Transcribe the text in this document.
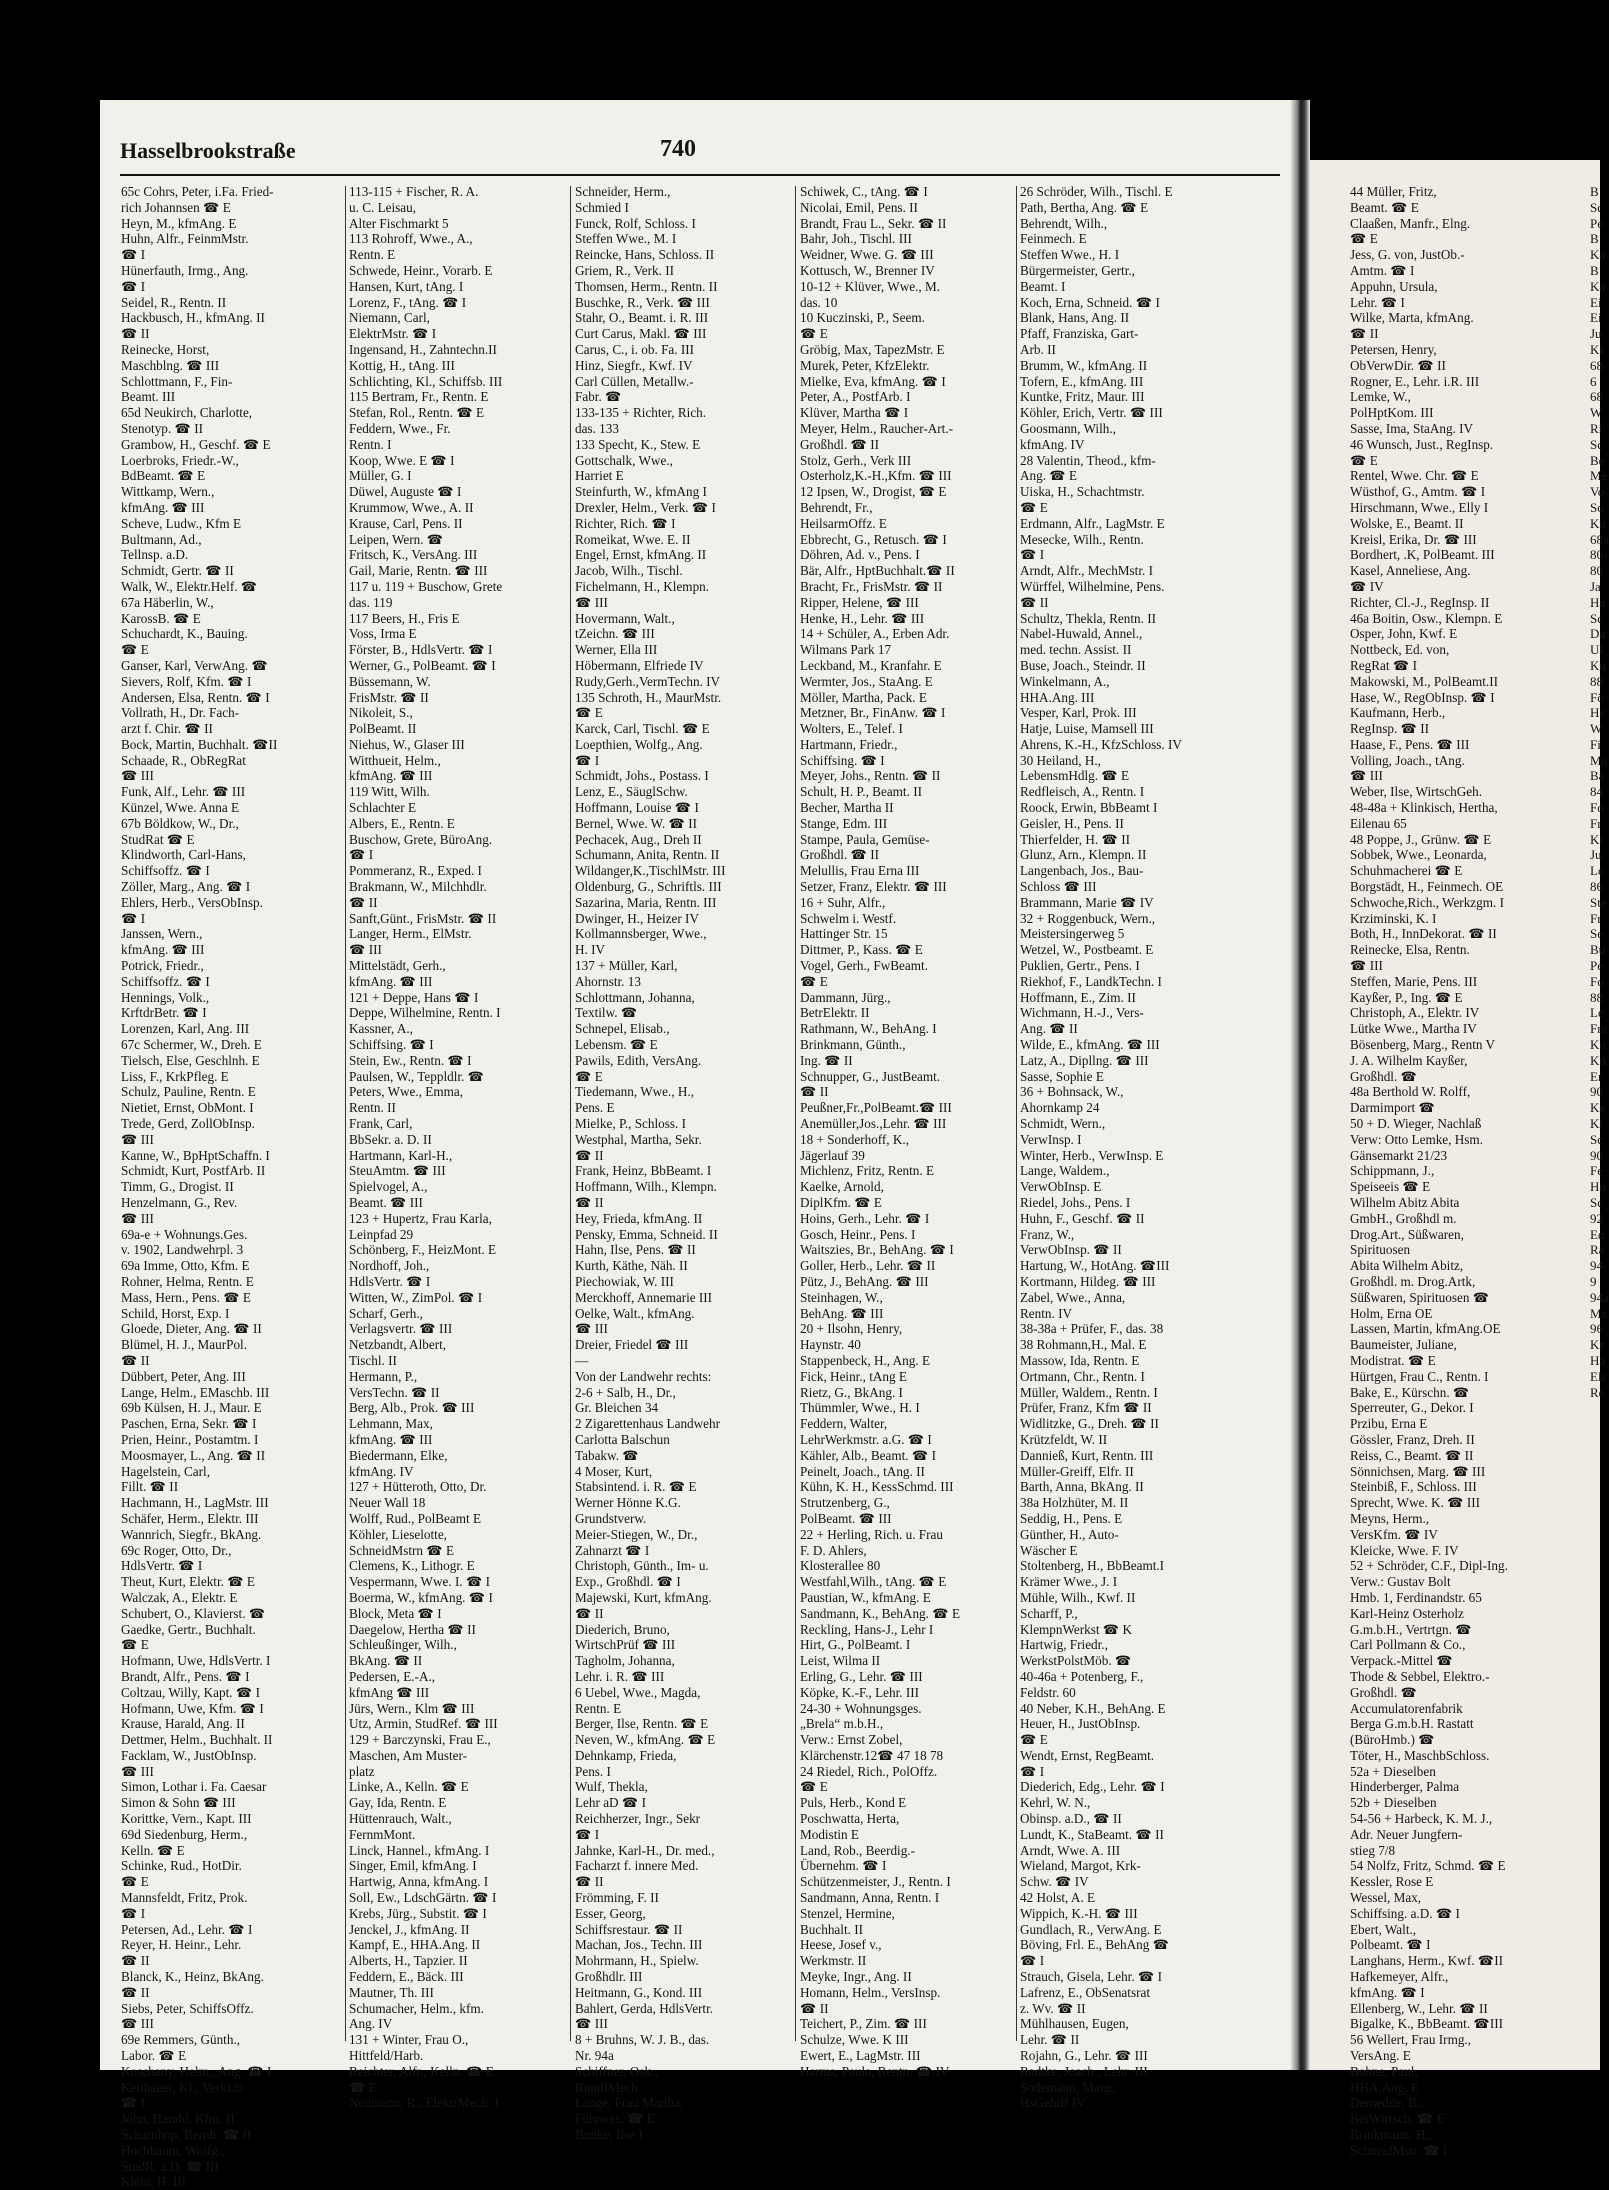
Hasselbrookstraße	740
65c Cohrs, Peter, i.Fa. Fried-
rich Johannsen ☎ E
Heyn, M., kfmAng. E
Huhn, Alfr., FeinmMstr.
☎ I
Hünerfauth, Irmg., Ang.
☎ I
Seidel, R., Rentn. II
Hackbusch, H., kfmAng. II
☎ II
Reinecke, Horst,
Maschblng. ☎ III
Schlottmann, F., Fin-
Beamt. III
65d Neukirch, Charlotte,
Stenotyp. ☎ II
Grambow, H., Geschf. ☎ E
Loerbroks, Friedr.-W.,
BdBeamt. ☎ E
Wittkamp, Wern.,
kfmAng. ☎ III
Scheve, Ludw., Kfm E
Bultmann, Ad.,
Tellnsp. a.D.
Schmidt, Gertr. ☎ II
Walk, W., Elektr.Helf. ☎
67a Häberlin, W.,
KarossB. ☎ E
Schuchardt, K., Bauing.
☎ E
Ganser, Karl, VerwAng. ☎
Sievers, Rolf, Kfm. ☎ I
Andersen, Elsa, Rentn. ☎ I
Vollrath, H., Dr. Fach-
arzt f. Chir. ☎ II
Bock, Martin, Buchhalt. ☎II
Schaade, R., ObRegRat
☎ III
Funk, Alf., Lehr. ☎ III
Künzel, Wwe. Anna E
67b Böldkow, W., Dr.,
StudRat ☎ E
Klindworth, Carl-Hans,
Schiffsoffz. ☎ I
Zöller, Marg., Ang. ☎ I
Ehlers, Herb., VersObInsp.
☎ I
Janssen, Wern.,
kfmAng. ☎ III
Potrick, Friedr.,
Schiffsoffz. ☎ I
Hennings, Volk.,
KrftdrBetr. ☎ I
Lorenzen, Karl, Ang. III
67c Schermer, W., Dreh. E
Tielsch, Else, Geschlnh. E
Liss, F., KrkPfleg. E
Schulz, Pauline, Rentn. E
Nietiet, Ernst, ObMont. I
Trede, Gerd, ZollObInsp.
☎ III
Kanne, W., BpHptSchaffn. I
Schmidt, Kurt, PostfArb. II
Timm, G., Drogist. II
Henzelmann, G., Rev.
☎ III
69a-e + Wohnungs.Ges.
v. 1902, Landwehrpl. 3
69a Imme, Otto, Kfm. E
Rohner, Helma, Rentn. E
Mass, Hern., Pens. ☎ E
Schild, Horst, Exp. I
Gloede, Dieter, Ang. ☎ II
Blümel, H. J., MaurPol.
☎ II
Dübbert, Peter, Ang. III
Lange, Helm., EMaschb. III
69b Külsen, H. J., Maur. E
Paschen, Erna, Sekr. ☎ I
Prien, Heinr., Postamtm. I
Moosmayer, L., Ang. ☎ II
Hagelstein, Carl,
Fillt. ☎ II
Hachmann, H., LagMstr. III
Schäfer, Herm., Elektr. III
Wannrich, Siegfr., BkAng.
69c Roger, Otto, Dr.,
HdlsVertr. ☎ I
Theut, Kurt, Elektr. ☎ E
Walczak, A., Elektr. E
Schubert, O., Klavierst. ☎
Gaedke, Gertr., Buchhalt.
☎ E
Hofmann, Uwe, HdlsVertr. I
Brandt, Alfr., Pens. ☎ I
Coltzau, Willy, Kapt. ☎ I
Hofmann, Uwe, Kfm. ☎ I
Krause, Harald, Ang. II
Dettmer, Helm., Buchhalt. II
Facklam, W., JustObInsp.
☎ III
Simon, Lothar i. Fa. Caesar
Simon & Sohn ☎ III
Korittke, Vern., Kapt. III
69d Siedenburg, Herm.,
Kelln. ☎ E
Schinke, Rud., HotDir.
☎ E
Mannsfeldt, Fritz, Prok.
☎ I
Petersen, Ad., Lehr. ☎ I
Reyer, H. Heinr., Lehr.
☎ II
Blanck, K., Heinz, BkAng.
☎ II
Siebs, Peter, SchiffsOffz.
☎ III
69e Remmers, Günth.,
Labor. ☎ E
Koschany, Helm., Ang. ☎ I
Keilhauer, Kl., VerkLtr.
☎ I
John, Harald, Kfm. II
Scharnhop, Bernh. ☎ II
Hochbaum, Wolfg.,
StudR. a.D. ☎ III
Klein, H. III
113-115 + Fischer, R. A.
u. C. Leisau,
Alter Fischmarkt 5
113 Rohroff, Wwe., A.,
Rentn. E
Schwede, Heinr., Vorarb. E
Hansen, Kurt, tAng. I
Lorenz, F., tAng. ☎ I
Niemann, Carl,
ElektrMstr. ☎ I
Ingensand, H., Zahntechn.II
Kottig, H., tAng. III
Schlichting, Kl., Schiffsb. III
115 Bertram, Fr., Rentn. E
Stefan, Rol., Rentn. ☎ E
Feddern, Wwe., Fr.
Rentn. I
Koop, Wwe. E ☎ I
Müller, G. I
Düwel, Auguste ☎ I
Krummow, Wwe., A. II
Krause, Carl, Pens. II
Leipen, Wern. ☎
Fritsch, K., VersAng. III
Gail, Marie, Rentn. ☎ III
117 u. 119 + Buschow, Grete
das. 119
117 Beers, H., Fris E
Voss, Irma E
Förster, B., HdlsVertr. ☎ I
Werner, G., PolBeamt. ☎ I
Büssemann, W.
FrisMstr. ☎ II
Nikoleit, S.,
PolBeamt. II
Niehus, W., Glaser III
Witthueit, Helm.,
kfmAng. ☎ III
119 Witt, Wilh.
Schlachter E
Albers, E., Rentn. E
Buschow, Grete, BüroAng.
☎ I
Pommeranz, R., Exped. I
Brakmann, W., Milchhdlr.
☎ II
Sanft,Günt., FrisMstr. ☎ II
Langer, Herm., ElMstr.
☎ III
Mittelstädt, Gerh.,
kfmAng. ☎ III
121 + Deppe, Hans ☎ I
Deppe, Wilhelmine, Rentn. I
Kassner, A.,
Schiffsing. ☎ I
Stein, Ew., Rentn. ☎ I
Paulsen, W., Teppldlr. ☎
Peters, Wwe., Emma,
Rentn. II
Frank, Carl,
BbSekr. a. D. II
Hartmann, Karl-H.,
SteuAmtm. ☎ III
Spielvogel, A.,
Beamt. ☎ III
123 + Hupertz, Frau Karla,
Leinpfad 29
Schönberg, F., HeizMont. E
Nordhoff, Joh.,
HdlsVertr. ☎ I
Witten, W., ZimPol. ☎ I
Scharf, Gerh.,
Verlagsvertr. ☎ III
Netzbandt, Albert,
Tischl. II
Hermann, P.,
VersTechn. ☎ II
Berg, Alb., Prok. ☎ III
Lehmann, Max,
kfmAng. ☎ III
Biedermann, Elke,
kfmAng. IV
127 + Hütteroth, Otto, Dr.
Neuer Wall 18
Wolff, Rud., PolBeamt E
Köhler, Lieselotte,
SchneidMstrn ☎ E
Clemens, K., Lithogr. E
Vespermann, Wwe. I. ☎ I
Boerma, W., kfmAng. ☎ I
Block, Meta ☎ I
Daegelow, Hertha ☎ II
Schleußinger, Wilh.,
BkAng. ☎ II
Pedersen, E.-A.,
kfmAng ☎ III
Jürs, Wern., Klm ☎ III
Utz, Armin, StudRef. ☎ III
129 + Barczynski, Frau E.,
Maschen, Am Muster-
platz
Linke, A., Kelln. ☎ E
Gay, Ida, Rentn. E
Hüttenrauch, Walt.,
FernmMont.
Linck, Hannel., kfmAng. I
Singer, Emil, kfmAng. I
Hartwig, Anna, kfmAng. I
Soll, Ew., LdschGärtn. ☎ I
Krebs, Jürg., Substit. ☎ I
Jenckel, J., kfmAng. II
Kampf, E., HHA.Ang. II
Alberts, H., Tapzier. II
Feddern, E., Bäck. III
Mautner, Th. III
Schumacher, Helm., kfm.
Ang. IV
131 + Winter, Frau O.,
Hittfeld/Harb.
Reichter, Alfr., Kelln. ☎ E
☎ E
Neumann, R., ElektrMech. I
Schneider, Herm.,
Schmied I
Funck, Rolf, Schloss. I
Steffen Wwe., M. I
Reincke, Hans, Schloss. II
Griem, R., Verk. II
Thomsen, Herm., Rentn. II
Buschke, R., Verk. ☎ III
Stahr, O., Beamt. i. R. III
Curt Carus, Makl. ☎ III
Carus, C., i. ob. Fa. III
Hinz, Siegfr., Kwf. IV
Carl Cüllen, Metallw.-
Fabr. ☎
133-135 + Richter, Rich.
das. 133
133 Specht, K., Stew. E
Gottschalk, Wwe.,
Harriet E
Steinfurth, W., kfmAng I
Drexler, Helm., Verk. ☎ I
Richter, Rich. ☎ I
Romeikat, Wwe. E. II
Engel, Ernst, kfmAng. II
Jacob, Wilh., Tischl.
Fichelmann, H., Klempn.
☎ III
Hovermann, Walt.,
tZeichn. ☎ III
Werner, Ella III
Höbermann, Elfriede IV
Rudy,Gerh.,VermTechn. IV
135 Schroth, H., MaurMstr.
☎ E
Karck, Carl, Tischl. ☎ E
Loepthien, Wolfg., Ang.
☎ I
Schmidt, Johs., Postass. I
Lenz, E., SäuglSchw.
Hoffmann, Louise ☎ I
Bernel, Wwe. W. ☎ II
Pechacek, Aug., Dreh II
Schumann, Anita, Rentn. II
Wildanger,K.,TischlMstr. III
Oldenburg, G., Schriftls. III
Sazarina, Maria, Rentn. III
Dwinger, H., Heizer IV
Kollmannsberger, Wwe.,
H. IV
137 + Müller, Karl,
Ahornstr. 13
Schlottmann, Johanna,
Textilw. ☎
Schnepel, Elisab.,
Lebensm. ☎ E
Pawils, Edith, VersAng.
☎ E
Tiedemann, Wwe., H.,
Pens. E
Mielke, P., Schloss. I
Westphal, Martha, Sekr.
☎ II
Frank, Heinz, BbBeamt. I
Hoffmann, Wilh., Klempn.
☎ II
Hey, Frieda, kfmAng. II
Pensky, Emma, Schneid. II
Hahn, Ilse, Pens. ☎ II
Kurth, Käthe, Näh. II
Piechowiak, W. III
Merckhoff, Annemarie III
Oelke, Walt., kfmAng.
☎ III
Dreier, Friedel ☎ III
—
Von der Landwehr rechts:
2-6 + Salb, H., Dr.,
Gr. Bleichen 34
2 Zigarettenhaus Landwehr
Carlotta Balschun
Tabakw. ☎
4 Moser, Kurt,
Stabsintend. i. R. ☎ E
Werner Hönne K.G.
Grundstverw.
Meier-Stiegen, W., Dr.,
Zahnarzt ☎ I
Christoph, Günth., Im- u.
Exp., Großhdl. ☎ I
Majewski, Kurt, kfmAng.
☎ II
Diederich, Bruno,
WirtschPrüf ☎ III
Tagholm, Johanna,
Lehr. i. R. ☎ III
6 Uebel, Wwe., Magda,
Rentn. E
Berger, Ilse, Rentn. ☎ E
Neven, W., kfmAng. ☎ E
Dehnkamp, Frieda,
Pens. I
Wulf, Thekla,
Lehr aD ☎ I
Reichherzer, Ingr., Sekr
☎ I
Jahnke, Karl-H., Dr. med.,
Facharzt f. innere Med.
☎ II
Frömming, F. II
Esser, Georg,
Schiffsrestaur. ☎ II
Machan, Jos., Techn. III
Mohrmann, H., Spielw.
Großhdlr. III
Heitmann, G., Kond. III
Bahlert, Gerda, HdlsVertr.
☎ III
8 + Bruhns, W. J. B., das.
Nr. 94a
Schiffner, Osk.,
RundfMech.
Lange, Frau Martha,
Fuhrwes. ☎ E
Bunke, Ilse I
Schiwek, C., tAng. ☎ I
Nicolai, Emil, Pens. II
Brandt, Frau L., Sekr. ☎ II
Bahr, Joh., Tischl. III
Weidner, Wwe. G. ☎ III
Kottusch, W., Brenner IV
10-12 + Klüver, Wwe., M.
das. 10
10 Kuczinski, P., Seem.
☎ E
Gröbig, Max, TapezMstr. E
Murek, Peter, KfzElektr.
Mielke, Eva, kfmAng. ☎ I
Peter, A., PostfArb. I
Klüver, Martha ☎ I
Meyer, Helm., Raucher-Art.-
Großhdl. ☎ II
Stolz, Gerh., Verk III
Osterholz,K.-H.,Kfm. ☎ III
12 Ipsen, W., Drogist, ☎ E
Behrendt, Fr.,
HeilsarmOffz. E
Ebbrecht, G., Retusch. ☎ I
Döhren, Ad. v., Pens. I
Bär, Alfr., HptBuchhalt.☎ II
Bracht, Fr., FrisMstr. ☎ II
Ripper, Helene, ☎ III
Henke, H., Lehr. ☎ III
14 + Schüler, A., Erben Adr.
Wilmans Park 17
Leckband, M., Kranfahr. E
Wermter, Jos., StaAng. E
Möller, Martha, Pack. E
Metzner, Br., FinAnw. ☎ I
Wolters, E., Telef. I
Hartmann, Friedr.,
Schiffsing. ☎ I
Meyer, Johs., Rentn. ☎ II
Schult, H. P., Beamt. II
Becher, Martha II
Stange, Edm. III
Stampe, Paula, Gemüse-
Großhdl. ☎ II
Melullis, Frau Erna III
Setzer, Franz, Elektr. ☎ III
16 + Suhr, Alfr.,
Schwelm i. Westf.
Hattinger Str. 15
Dittmer, P., Kass. ☎ E
Vogel, Gerh., FwBeamt.
☎ E
Dammann, Jürg.,
BetrElektr. II
Rathmann, W., BehAng. I
Brinkmann, Günth.,
Ing. ☎ II
Schnupper, G., JustBeamt.
☎ II
Peußner,Fr.,PolBeamt.☎ III
Anemüller,Jos.,Lehr. ☎ III
18 + Sonderhoff, K.,
Jägerlauf 39
Michlenz, Fritz, Rentn. E
Kaelke, Arnold,
DiplKfm. ☎ E
Hoins, Gerh., Lehr. ☎ I
Gosch, Heinr., Pens. I
Waitszies, Br., BehAng. ☎ I
Goller, Herb., Lehr. ☎ II
Pütz, J., BehAng. ☎ III
Steinhagen, W.,
BehAng. ☎ III
20 + Ilsohn, Henry,
Haynstr. 40
Stappenbeck, H., Ang. E
Fick, Heinr., tAng E
Rietz, G., BkAng. I
Thümmler, Wwe., H. I
Feddern, Walter,
LehrWerkmstr. a.G. ☎ I
Kähler, Alb., Beamt. ☎ I
Peinelt, Joach., tAng. II
Kühn, K. H., KessSchmd. III
Strutzenberg, G.,
PolBeamt. ☎ III
22 + Herling, Rich. u. Frau
F. D. Ahlers,
Klosterallee 80
Westfahl,Wilh., tAng. ☎ E
Paustian, W., kfmAng. E
Sandmann, K., BehAng. ☎ E
Reckling, Hans-J., Lehr I
Hirt, G., PolBeamt. I
Leist, Wilma II
Erling, G., Lehr. ☎ III
Köpke, K.-F., Lehr. III
24-30 + Wohnungsges.
„Brela“ m.b.H.,
Verw.: Ernst Zobel,
Klärchenstr.12☎ 47 18 78
24 Riedel, Rich., PolOffz.
☎ E
Puls, Herb., Kond E
Poschwatta, Herta,
Modistin E
Land, Rob., Beerdig.-
Übernehm. ☎ I
Schützenmeister, J., Rentn. I
Sandmann, Anna, Rentn. I
Stenzel, Hermine,
Buchhalt. II
Heese, Josef v.,
Werkmstr. II
Meyke, Ingr., Ang. II
Homann, Helm., VersInsp.
☎ II
Teichert, P., Zim. ☎ III
Schulze, Wwe. K III
Ewert, E., LagMstr. III
Harms, Paula, Rentn. ☎ IV
26 Schröder, Wilh., Tischl. E
Path, Bertha, Ang. ☎ E
Behrendt, Wilh.,
Feinmech. E
Steffen Wwe., H. I
Bürgermeister, Gertr.,
Beamt. I
Koch, Erna, Schneid. ☎ I
Blank, Hans, Ang. II
Pfaff, Franziska, Gart-
Arb. II
Brumm, W., kfmAng. II
Tofern, E., kfmAng. III
Kuntke, Fritz, Maur. III
Köhler, Erich, Vertr. ☎ III
Goosmann, Wilh.,
kfmAng. IV
28 Valentin, Theod., kfm-
Ang. ☎ E
Uiska, H., Schachtmstr.
☎ E
Erdmann, Alfr., LagMstr. E
Mesecke, Wilh., Rentn.
☎ I
Arndt, Alfr., MechMstr. I
Würffel, Wilhelmine, Pens.
☎ II
Schultz, Thekla, Rentn. II
Nabel-Huwald, Annel.,
med. techn. Assist. II
Buse, Joach., Steindr. II
Winkelmann, A.,
HHA.Ang. III
Vesper, Karl, Prok. III
Hatje, Luise, Mamsell III
Ahrens, K.-H., KfzSchloss. IV
30 Heiland, H.,
LebensmHdlg. ☎ E
Redfleisch, A., Rentn. I
Roock, Erwin, BbBeamt I
Geisler, H., Pens. II
Thierfelder, H. ☎ II
Glunz, Arn., Klempn. II
Langenbach, Jos., Bau-
Schloss ☎ III
Brammann, Marie ☎ IV
32 + Roggenbuck, Wern.,
Meistersingerweg 5
Wetzel, W., Postbeamt. E
Puklien, Gertr., Pens. I
Riekhof, F., LandkTechn. I
Hoffmann, E., Zim. II
Wichmann, H.-J., Vers-
Ang. ☎ II
Wilde, E., kfmAng. ☎ III
Latz, A., Dipllng. ☎ III
Sasse, Sophie E
36 + Bohnsack, W.,
Ahornkamp 24
Schmidt, Wern.,
VerwInsp. I
Winter, Herb., VerwInsp. E
Lange, Waldem.,
VerwObInsp. E
Riedel, Johs., Pens. I
Huhn, F., Geschf. ☎ II
Franz, W.,
VerwObInsp. ☎ II
Hartung, W., HotAng. ☎III
Kortmann, Hildeg. ☎ III
Zabel, Wwe., Anna,
Rentn. IV
38-38a + Prüfer, F., das. 38
38 Rohmann,H., Mal. E
Massow, Ida, Rentn. E
Ortmann, Chr., Rentn. I
Müller, Waldem., Rentn. I
Prüfer, Franz, Kfm ☎ II
Widlitzke, G., Dreh. ☎ II
Krützfeldt, W. II
Dannieß, Kurt, Rentn. III
Müller-Greiff, Elfr. II
Barth, Anna, BkAng. II
38a Holzhüter, M. II
Seddig, H., Pens. E
Günther, H., Auto-
Wäscher E
Stoltenberg, H., BbBeamt.I
Krämer Wwe., J. I
Mühle, Wilh., Kwf. II
Scharff, P.,
KlempnWerkst ☎ K
Hartwig, Friedr.,
WerkstPolstMöb. ☎
40-46a + Potenberg, F.,
Feldstr. 60
40 Neber, K.H., BehAng. E
Heuer, H., JustObInsp.
☎ E
Wendt, Ernst, RegBeamt.
☎ I
Diederich, Edg., Lehr. ☎ I
Kehrl, W. N.,
Obinsp. a.D., ☎ II
Lundt, K., StaBeamt. ☎ II
Arndt, Wwe. A. III
Wieland, Margot, Krk-
Schw. ☎ IV
42 Holst, A. E
Wippich, K.-H. ☎ III
Gundlach, R., VerwAng. E
Böving, Frl. E., BehAng ☎
☎ I
Strauch, Gisela, Lehr. ☎ I
Lafrenz, E., ObSenatsrat
z. Wv. ☎ II
Mühlhausen, Eugen,
Lehr. ☎ II
Rojahn, G., Lehr. ☎ III
Radtke, Joach., Lehr. III
Sodemann, Marg.,
HsGehilf IV
44 Müller, Fritz,
Beamt. ☎ E
Claaßen, Manfr., Elng.
☎ E
Jess, G. von, JustOb.-
Amtm. ☎ I
Appuhn, Ursula,
Lehr. ☎ I
Wilke, Marta, kfmAng.
☎ II
Petersen, Henry,
ObVerwDir. ☎ II
Rogner, E., Lehr. i.R. III
Lemke, W.,
PolHptKom. III
Sasse, Ima, StaAng. IV
46 Wunsch, Just., RegInsp.
☎ E
Rentel, Wwe. Chr. ☎ E
Wüsthof, G., Amtm. ☎ I
Hirschmann, Wwe., Elly I
Wolske, E., Beamt. II
Kreisl, Erika, Dr. ☎ III
Bordhert, .K, PolBeamt. III
Kasel, Anneliese, Ang.
☎ IV
Richter, Cl.-J., RegInsp. II
46a Boitin, Osw., Klempn. E
Osper, John, Kwf. E
Nottbeck, Ed. von,
RegRat ☎ I
Makowski, M., PolBeamt.II
Hase, W., RegObInsp. ☎ I
Kaufmann, Herb.,
RegInsp. ☎ II
Haase, F., Pens. ☎ III
Volling, Joach., tAng.
☎ III
Weber, Ilse, WirtschGeh.
48-48a + Klinkisch, Hertha,
Eilenau 65
48 Poppe, J., Grünw. ☎ E
Sobbek, Wwe., Leonarda,
Schuhmacherei ☎ E
Borgstädt, H., Feinmech. OE
Schwoche,Rich., Werkzgm. I
Krziminski, K. I
Both, H., InnDekorat. ☎ II
Reinecke, Elsa, Rentn.
☎ III
Steffen, Marie, Pens. III
Kayßer, P., Ing. ☎ E
Christoph, A., Elektr. IV
Lütke Wwe., Martha IV
Bösenberg, Marg., Rentn V
J. A. Wilhelm Kayßer,
Großhdl. ☎
48a Berthold W. Rolff,
Darmimport ☎
50 + D. Wieger, Nachlaß
Verw: Otto Lemke, Hsm.
Gänsemarkt 21/23
Schippmann, J.,
Speiseeis ☎ E
Wilhelm Abitz Abita
GmbH., Großhdl m.
Drog.Art., Süßwaren,
Spirituosen
Abita Wilhelm Abitz,
Großhdl. m. Drog.Artk,
Süßwaren, Spirituosen ☎
Holm, Erna OE
Lassen, Martin, kfmAng.OE
Baumeister, Juliane,
Modistrat. ☎ E
Hürtgen, Frau C., Rentn. I
Bake, E., Kürschn. ☎
Sperreuter, G., Dekor. I
Przibu, Erna E
Gössler, Franz, Dreh. II
Reiss, C., Beamt. ☎ II
Sönnichsen, Marg. ☎ III
Steinbiß, F., Schloss. III
Sprecht, Wwe. K. ☎ III
Meyns, Herm.,
VersKfm. ☎ IV
Kleicke, Wwe. F. IV
52 + Schröder, C.F., Dipl-Ing.
Verw.: Gustav Bolt
Hmb. 1, Ferdinandstr. 65
Karl-Heinz Osterholz
G.m.b.H., Vertrtgn. ☎
Carl Pollmann & Co.,
Verpack.-Mittel ☎
Thode & Sebbel, Elektro.-
Großhdl. ☎
Accumulatorenfabrik
Berga G.m.b.H. Rastatt
(BüroHmb.) ☎
Töter, H., MaschbSchloss.
52a + Dieselben
Hinderberger, Palma
52b + Dieselben
54-56 + Harbeck, K. M. J.,
Adr. Neuer Jungfern-
stieg 7/8
54 Nolfz, Fritz, Schmd. ☎ E
Kessler, Rose E
Wessel, Max,
Schiffsing. a.D. ☎ I
Ebert, Walt.,
Polbeamt. ☎ I
Langhans, Herm., Kwf. ☎II
Hafkemeyer, Alfr.,
kfmAng. ☎ I
Ellenberg, W., Lehr. ☎ II
Bigalke, K., BbBeamt. ☎III
56 Wellert, Frau Irmg.,
VersAng. E
Bohne, Paul,
HHA.Ang. E
Dernedde, B.,
BerWirtsch. ☎ E
Brinkmann, H.,
SchneidMstr. ☎ I
B
Sc
Pe
B
Ka
B
Ka
Ei
Ei
Ju
Ki
68-6
68
W
Ri
Sc
Be
Me
Vo
So
Ku
68a
80-
80
Ja
Ha
Sc
Da
Ul
Ku
88
Fö
He
W
Fi
Ma
Ba
84
Fo
Fr
Kl
Ju
Lo
86
Ste
Fr
Se
Bu
Pe
Fo
88
Le
Fra
Ku
Kn
Er
90
Ke
Kl
Sc
90
Fe
Ho
Sc
92
Ed
Ra
94-9
94a
Ma
96
Kr
Ha
Els
Re
